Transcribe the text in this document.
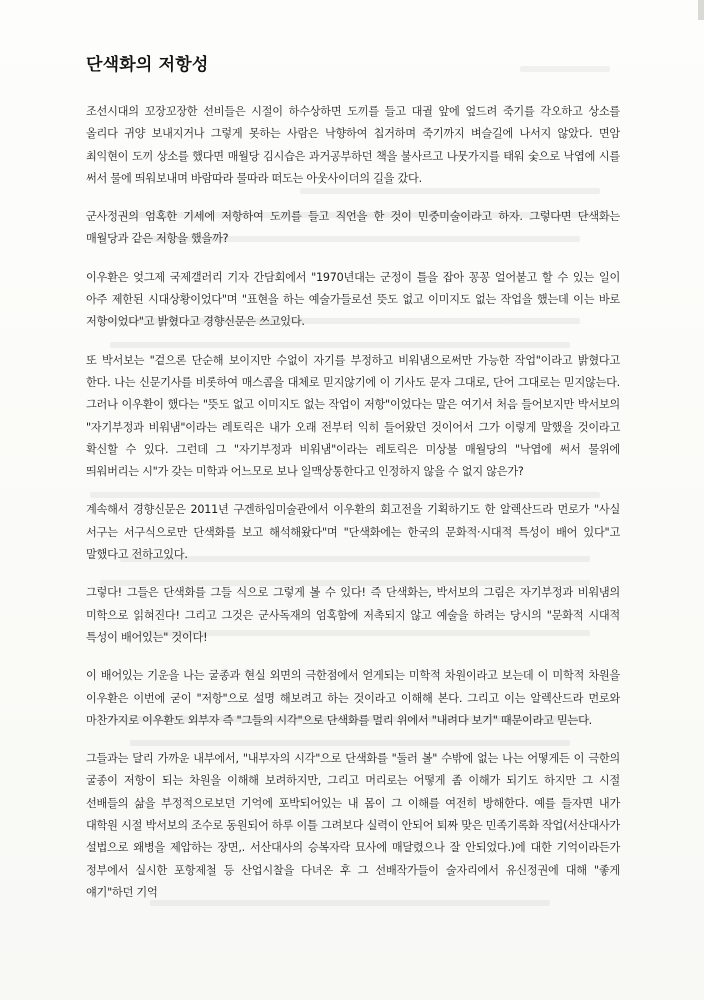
단색화의 저항성

조선시대의 꼬장꼬장한 선비들은 시절이 하수상하면 도끼를 들고 대궐 앞에 엎드려 죽기를 각오하고 상소를 올리다 귀양 보내지거나 그렇게 못하는 사람은 낙향하여 칩거하며 죽기까지 벼슬길에 나서지 않았다. 면암 최익현이 도끼 상소를 했다면 매월당 김시습은 과거공부하던 책을 불사르고 나뭇가지를 태워 숯으로 낙엽에 시를 써서 물에 띄워보내며 바람따라 물따라 떠도는 아웃사이더의 길을 갔다.

군사정권의 엄혹한 기세에 저항하여 도끼를 들고 직언을 한 것이 민중미술이라고 하자. 그렇다면 단색화는 매월당과 같은 저항을 했을까?

이우환은 엊그제 국제갤러리 기자 간담회에서 "1970년대는 군정이 틀을 잡아 꽁꽁 얼어붙고 할 수 있는 일이 아주 제한된 시대상황이었다"며 "표현을 하는 예술가들로선 뜻도 없고 이미지도 없는 작업을 했는데 이는 바로 저항이었다"고 밝혔다고 경향신문은 쓰고있다.

또 박서보는 "겉으론 단순해 보이지만 수없이 자기를 부정하고 비워냄으로써만 가능한 작업"이라고 밝혔다고 한다. 나는 신문기사를 비롯하여 매스콤을 대체로 믿지않기에 이 기사도 문자 그대로, 단어 그대로는 믿지않는다. 그러나 이우환이 했다는 "뜻도 없고 이미지도 없는 작업이 저항"이었다는 말은 여기서 처음 들어보지만 박서보의 "자기부정과 비워냄"이라는 레토릭은 내가 오래 전부터 익히 들어왔던 것이어서 그가 이렇게 말했을 것이라고 확신할 수 있다. 그런데 그 "자기부정과 비워냄"이라는 레토릭은 미상불 매월당의 "낙엽에 써서 물위에 띄워버리는 시"가 갖는 미학과 어느모로 보나 일맥상통한다고 인정하지 않을 수 없지 않은가?

계속해서 경향신문은 2011년 구겐하임미술관에서 이우환의 회고전을 기획하기도 한 알렉산드라 먼로가 "사실 서구는 서구식으로만 단색화를 보고 해석해왔다"며 "단색화에는 한국의 문화적·시대적 특성이 배어 있다"고 말했다고 전하고있다.

그렇다! 그들은 단색화를 그들 식으로 그렇게 볼 수 있다! 즉 단색화는, 박서보의 그림은 자기부정과 비워냄의 미학으로 읽혀진다! 그리고 그것은 군사독재의 엄혹함에 저촉되지 않고 예술을 하려는 당시의 "문화적 시대적 특성이 배어있는" 것이다!

이 배어있는 기운을 나는 굴종과 현실 외면의 극한점에서 얻게되는 미학적 차원이라고 보는데 이 미학적 차원을 이우환은 이번에 굳이 "저항"으로 설명 해보려고 하는 것이라고 이해해 본다. 그리고 이는 알렉산드라 먼로와 마찬가지로 이우환도 외부자 즉 "그들의 시각"으로 단색화를 멀리 위에서 "내려다 보기" 때문이라고 믿는다.

그들과는 달리 가까운 내부에서, "내부자의 시각"으로 단색화를 "둘러 볼" 수밖에 없는 나는 어떻게든 이 극한의 굴종이 저항이 되는 차원을 이해해 보려하지만, 그리고 머리로는 어떻게 좀 이해가 되기도 하지만 그 시절 선배들의 삶을 부정적으로보던 기억에 포박되어있는 내 몸이 그 이해를 여전히 방해한다. 예를 들자면 내가 대학원 시절 박서보의 조수로 동원되어 하루 이틀 그려보다 실력이 안되어 퇴짜 맞은 민족기록화 작업(서산대사가 설법으로 왜병을 제압하는 장면,. 서산대사의 승복자락 묘사에 매달렸으나 잘 안되었다.)에 대한 기억이라든가 정부에서 실시한 포항제철 등 산업시찰을 다녀온 후 그 선배작가들이 술자리에서 유신정권에 대해 "좋게 얘기"하던 기억
